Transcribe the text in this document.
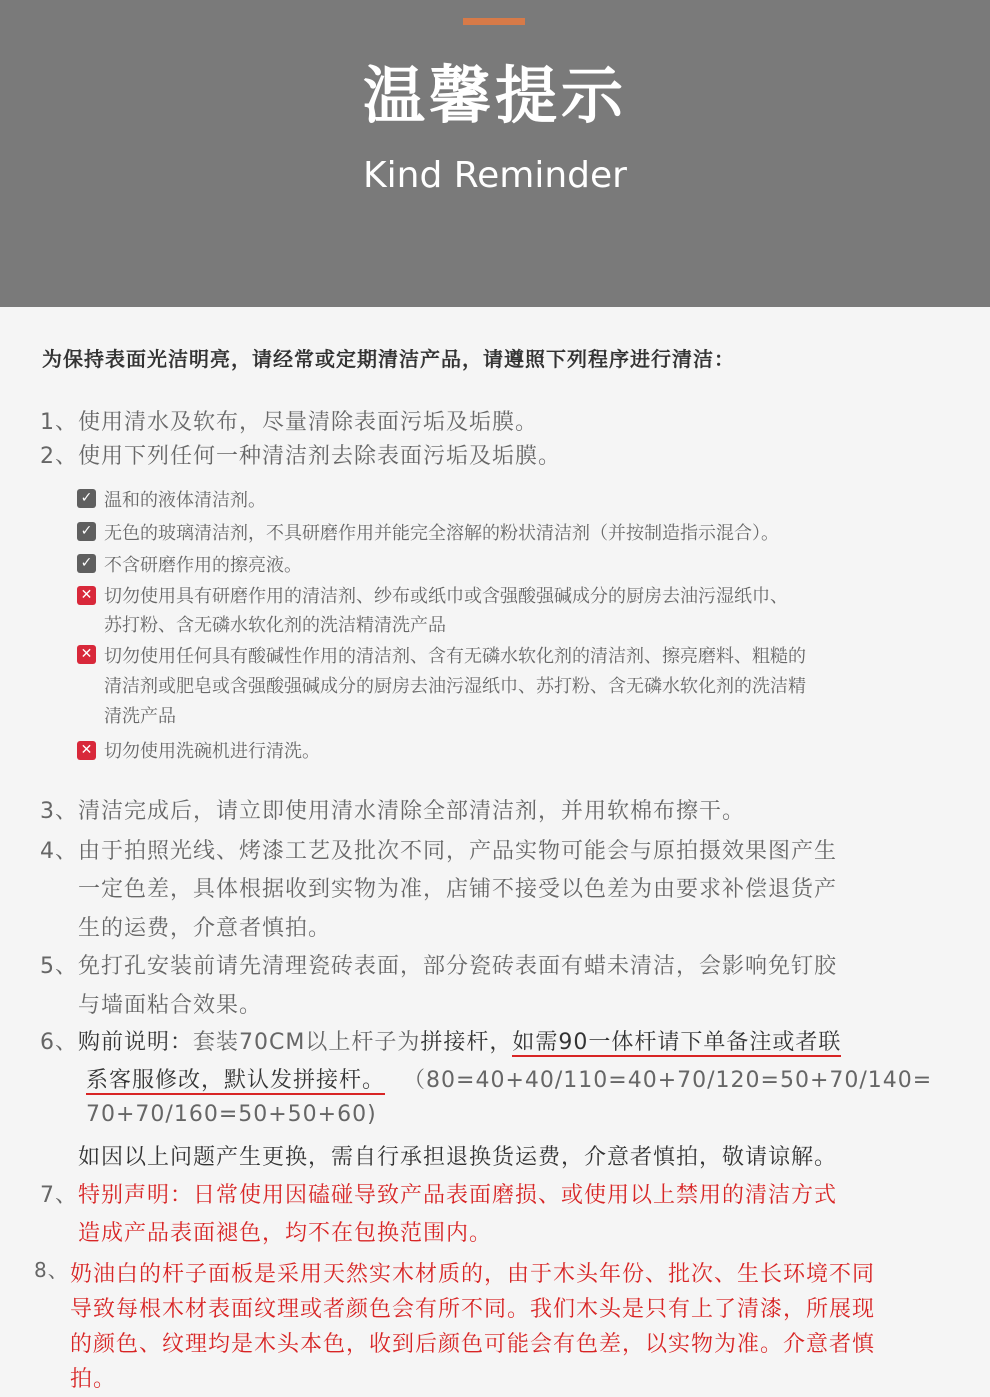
温馨提示
Kind Reminder
为保持表面光洁明亮，请经常或定期清洁产品，请遵照下列程序进行清洁：
1、使用清水及软布，尽量清除表面污垢及垢膜。
2、使用下列任何一种清洁剂去除表面污垢及垢膜。
✓ 温和的液体清洁剂。
✓ 无色的玻璃清洁剂，不具研磨作用并能完全溶解的粉状清洁剂（并按制造指示混合）。
✓ 不含研磨作用的擦亮液。
✕ 切勿使用具有研磨作用的清洁剂、纱布或纸巾或含强酸强碱成分的厨房去油污湿纸巾、
苏打粉、含无磷水软化剂的洗洁精清洗产品
✕ 切勿使用任何具有酸碱性作用的清洁剂、含有无磷水软化剂的清洁剂、擦亮磨料、粗糙的
清洁剂或肥皂或含强酸强碱成分的厨房去油污湿纸巾、苏打粉、含无磷水软化剂的洗洁精
清洗产品
✕ 切勿使用洗碗机进行清洗。
3、清洁完成后，请立即使用清水清除全部清洁剂，并用软棉布擦干。
4、由于拍照光线、烤漆工艺及批次不同，产品实物可能会与原拍摄效果图产生
一定色差，具体根据收到实物为准，店铺不接受以色差为由要求补偿退货产
生的运费，介意者慎拍。
5、免打孔安装前请先清理瓷砖表面，部分瓷砖表面有蜡未清洁，会影响免钉胶
与墙面粘合效果。
6、购前说明：套装70CM以上杆子为拼接杆，如需90一体杆请下单备注或者联
系客服修改，默认发拼接杆。 （80=40+40/110=40+70/120=50+70/140=
70+70/160=50+50+60)
如因以上问题产生更换，需自行承担退换货运费，介意者慎拍，敬请谅解。
7、特别声明：日常使用因磕碰导致产品表面磨损、或使用以上禁用的清洁方式
造成产品表面褪色，均不在包换范围内。
8、 奶油白的杆子面板是采用天然实木材质的，由于木头年份、批次、生长环境不同
导致每根木材表面纹理或者颜色会有所不同。我们木头是只有上了清漆，所展现
的颜色、纹理均是木头本色，收到后颜色可能会有色差，以实物为准。介意者慎
拍。
